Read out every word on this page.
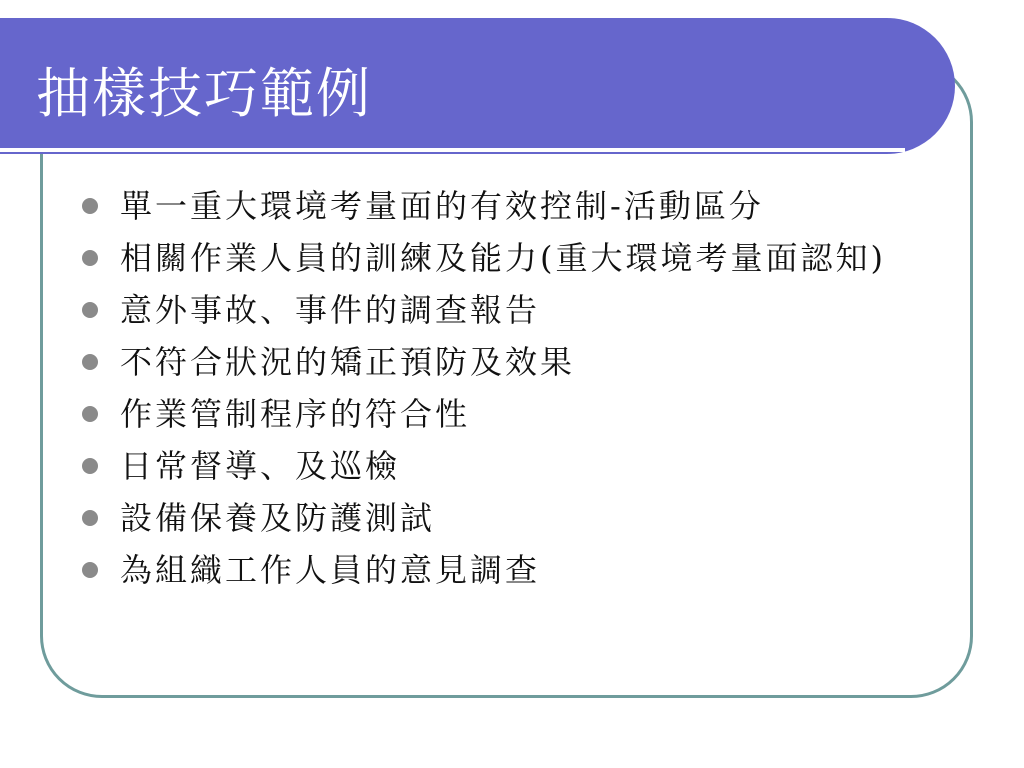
抽樣技巧範例
單一重大環境考量面的有效控制-活動區分
相關作業人員的訓練及能力(重大環境考量面認知)
意外事故、事件的調查報告
不符合狀況的矯正預防及效果
作業管制程序的符合性
日常督導、及巡檢
設備保養及防護測試
為組織工作人員的意見調查
